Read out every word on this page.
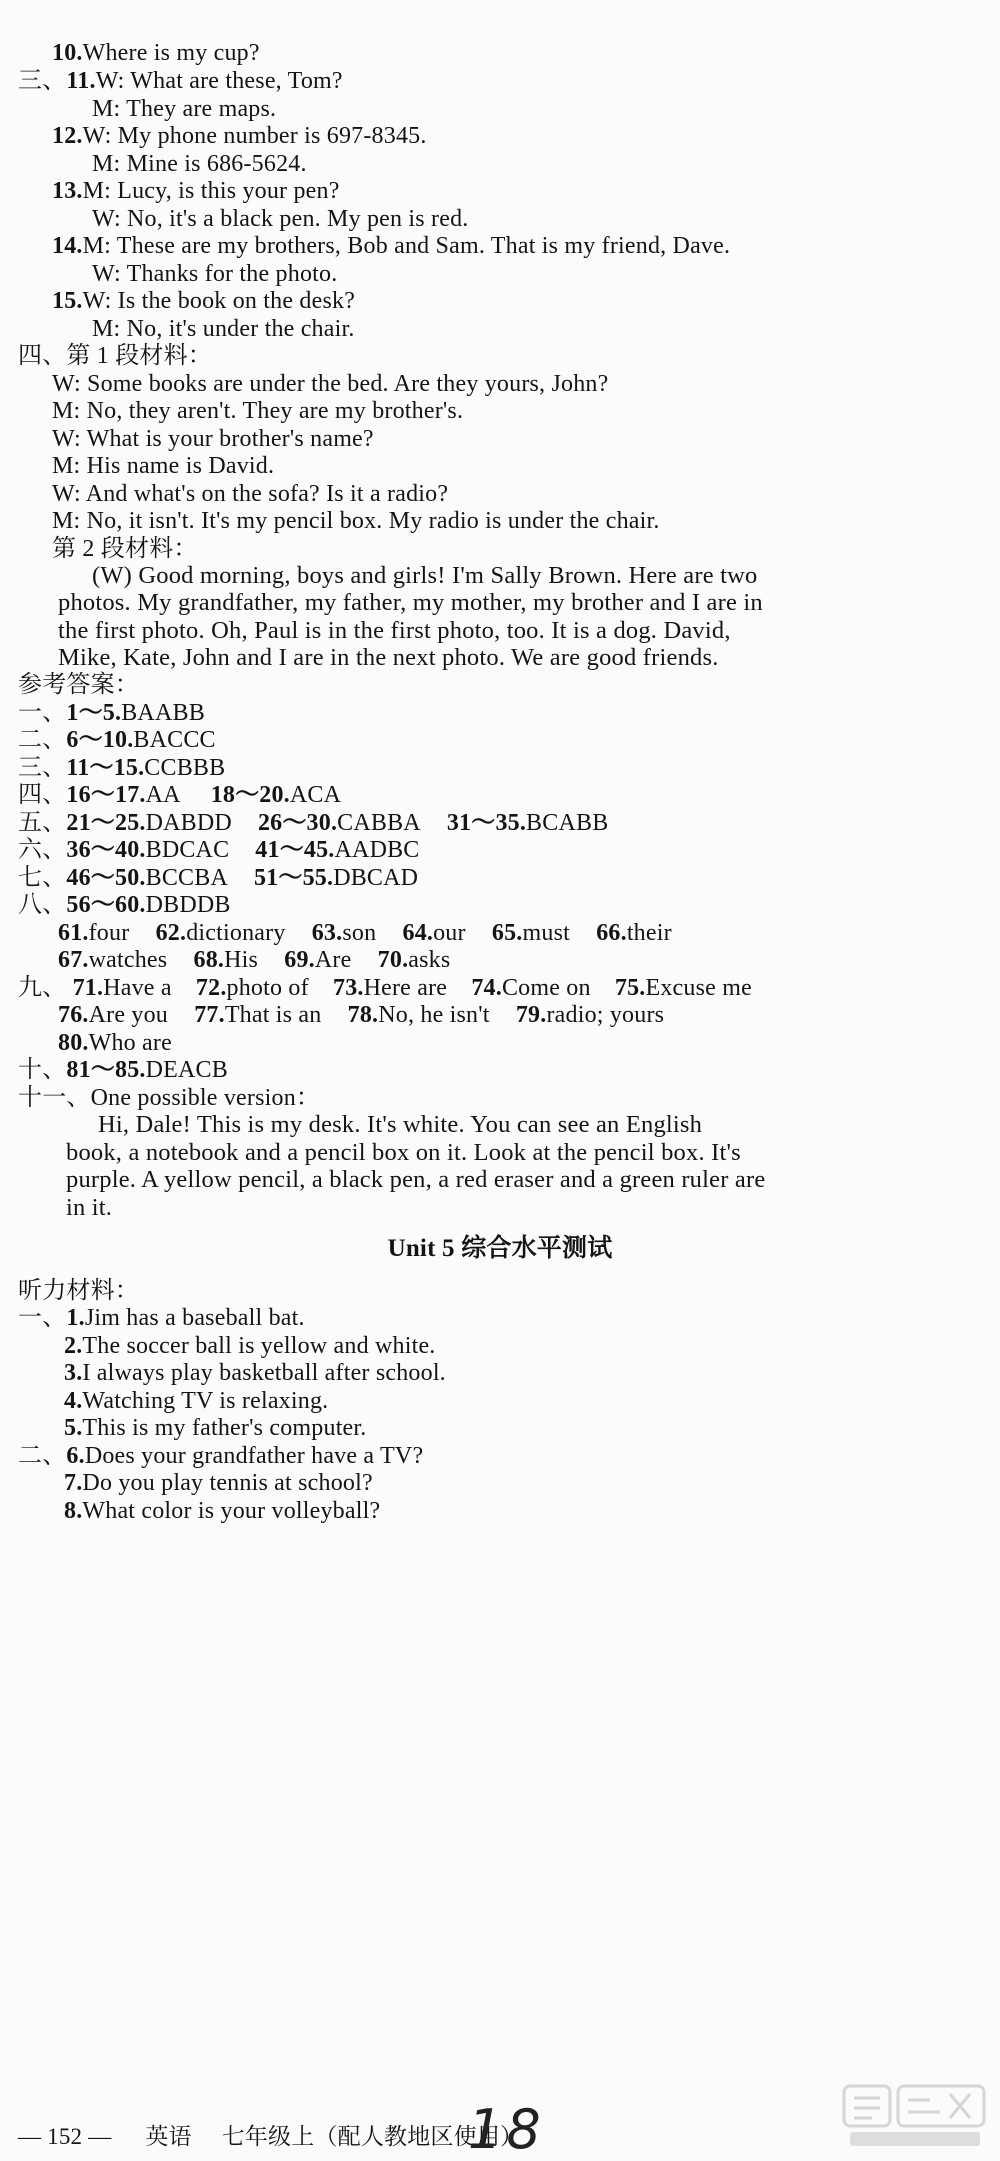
10.Where is my cup?
三、11.W: What are these, Tom?
M: They are maps.
12.W: My phone number is 697-8345.
M: Mine is 686-5624.
13.M: Lucy, is this your pen?
W: No, it's a black pen. My pen is red.
14.M: These are my brothers, Bob and Sam. That is my friend, Dave.
W: Thanks for the photo.
15.W: Is the book on the desk?
M: No, it's under the chair.
四、第 1 段材料：
W: Some books are under the bed. Are they yours, John?
M: No, they aren't. They are my brother's.
W: What is your brother's name?
M: His name is David.
W: And what's on the sofa? Is it a radio?
M: No, it isn't. It's my pencil box. My radio is under the chair.
第 2 段材料：
(W) Good morning, boys and girls! I'm Sally Brown. Here are two
photos. My grandfather, my father, my mother, my brother and I are in
the first photo. Oh, Paul is in the first photo, too. It is a dog. David,
Mike, Kate, John and I are in the next photo. We are good friends.
参考答案：
一、1～5.BAABB
二、6～10.BACCC
三、11～15.CCBBB
四、16～17.AA 18～20.ACA
五、21～25.DABDD 26～30.CABBA 31～35.BCABB
六、36～40.BDCAC 41～45.AADBC
七、46～50.BCCBA 51～55.DBCAD
八、56～60.DBDDB
61.four 62.dictionary 63.son 64.our 65.must 66.their
67.watches 68.His 69.Are 70.asks
九、 71.Have a 72.photo of 73.Here are 74.Come on 75.Excuse me
76.Are you 77.That is an 78.No, he isn't 79.radio; yours
80.Who are
十、81～85.DEACB
十一、One possible version：
Hi, Dale! This is my desk. It's white. You can see an English
book, a notebook and a pencil box on it. Look at the pencil box. It's
purple. A yellow pencil, a black pen, a red eraser and a green ruler are
in it.
Unit 5 综合水平测试
听力材料：
一、1.Jim has a baseball bat.
2.The soccer ball is yellow and white.
3.I always play basketball after school.
4.Watching TV is relaxing.
5.This is my father's computer.
二、6.Does your grandfather have a TV?
7.Do you play tennis at school?
8.What color is your volleyball?
— 152 — 英语 七年级上（配人教地区使用）
18
